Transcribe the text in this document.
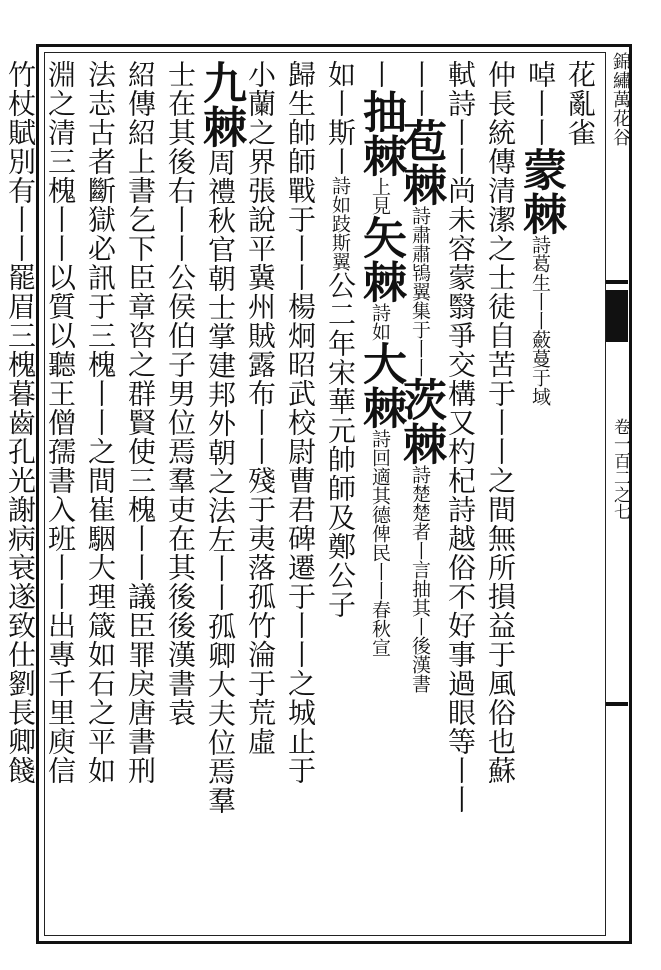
錦繡萬花谷
卷一百二之七
花亂雀
啅丨丨蒙棘詩葛生丨丨蘞蔓于域
仲長統傳清潔之士徒自苦于丨丨之間無所損益于風俗也蘇
軾詩丨丨尚未容蒙翳爭交構又杓杞詩越俗不好事過眼等丨丨
丨丨苞棘詩肅肅鴇翼集于丨丨茨棘詩楚楚者丨言抽其丨後漢書
丨抽棘上見矢棘詩如大棘詩回適其德俾民丨丨春秋宣
如丨斯丨詩如跂斯翼公二年宋華元帥師及鄭公子
歸生帥師戰于丨丨楊炯昭武校尉曹君碑遷于丨丨之城止于
小蘭之界張說平冀州賊露布丨丨殘于夷落孤竹淪于荒虛
九棘周禮秋官朝士掌建邦外朝之法左丨丨孤卿大夫位焉羣
士在其後右丨丨公侯伯子男位焉羣吏在其後後漢書袁
紹傳紹上書乞下臣章咨之群賢使三槐丨丨議臣罪戾唐書刑
法志古者斷獄必訊于三槐丨丨之間崔駰大理箴如石之平如
淵之清三槐丨丨以質以聽王僧孺書入班丨丨出專千里庾信
竹杖賦別有丨丨罷眉三槐暮齒孔光謝病衰遂致仕劉長卿餞
